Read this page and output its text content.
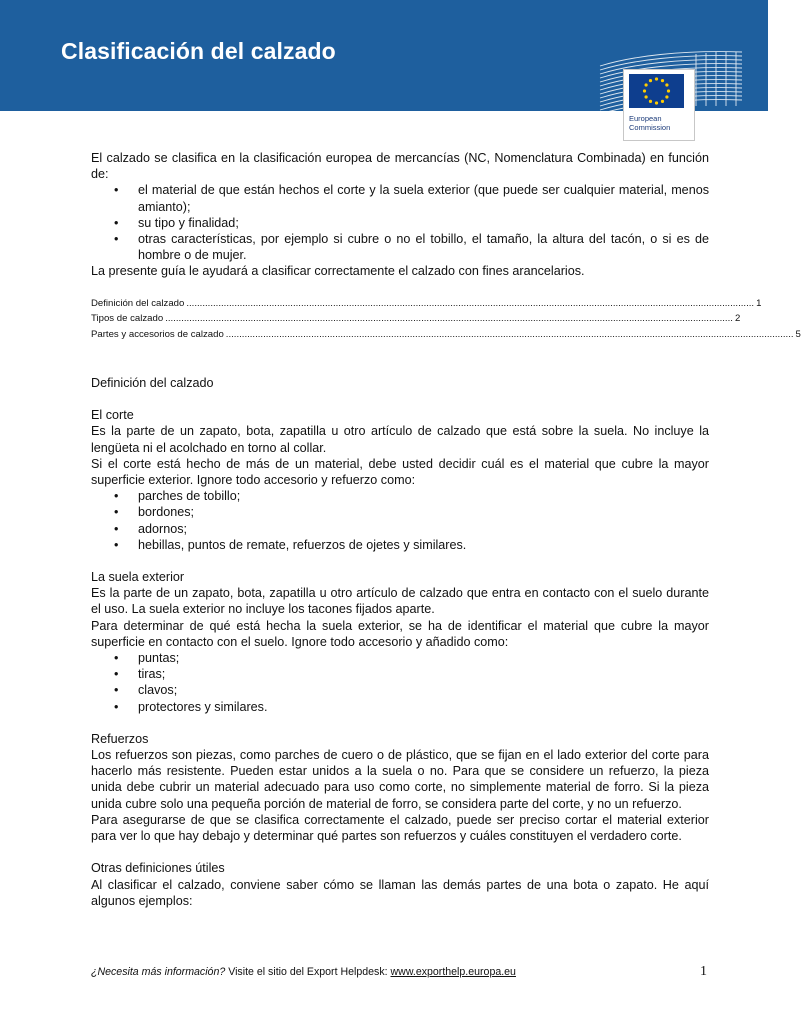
Clasificación del calzado
European
Commission

El calzado se clasifica en la clasificación europea de mercancías (NC, Nomenclatura Combinada) en función de:

• el material de que están hechos el corte y la suela exterior (que puede ser cualquier material, menos amianto);
• su tipo y finalidad;
• otras características, por ejemplo si cubre o no el tobillo, el tamaño, la altura del tacón, o si es de hombre o de mujer.

La presente guía le ayudará a clasificar correctamente el calzado con fines arancelarios.

Definición del calzado ..................................................................................................................................................................................................................... 1
Tipos de calzado ..................................................................................................................................................................................................................... 2
Partes y accesorios de calzado ..................................................................................................................................................................................................................... 5

Definición del calzado

El corte

Es la parte de un zapato, bota, zapatilla u otro artículo de calzado que está sobre la suela. No incluye la lengüeta ni el acolchado en torno al collar.

Si el corte está hecho de más de un material, debe usted decidir cuál es el material que cubre la mayor superficie exterior. Ignore todo accesorio y refuerzo como:

• parches de tobillo;
• bordones;
• adornos;
• hebillas, puntos de remate, refuerzos de ojetes y similares.

La suela exterior

Es la parte de un zapato, bota, zapatilla u otro artículo de calzado que entra en contacto con el suelo durante el uso. La suela exterior no incluye los tacones fijados aparte.

Para determinar de qué está hecha la suela exterior, se ha de identificar el material que cubre la mayor superficie en contacto con el suelo. Ignore todo accesorio y añadido como:

• puntas;
• tiras;
• clavos;
• protectores y similares.

Refuerzos

Los refuerzos son piezas, como parches de cuero o de plástico, que se fijan en el lado exterior del corte para hacerlo más resistente. Pueden estar unidos a la suela o no. Para que se considere un refuerzo, la pieza unida debe cubrir un material adecuado para uso como corte, no simplemente material de forro. Si la pieza unida cubre solo una pequeña porción de material de forro, se considera parte del corte, y no un refuerzo.

Para asegurarse de que se clasifica correctamente el calzado, puede ser preciso cortar el material exterior para ver lo que hay debajo y determinar qué partes son refuerzos y cuáles constituyen el verdadero corte.

Otras definiciones útiles

Al clasificar el calzado, conviene saber cómo se llaman las demás partes de una bota o zapato. He aquí algunos ejemplos:

¿Necesita más información? Visite el sitio del Export Helpdesk: www.exporthelp.europa.eu	1
